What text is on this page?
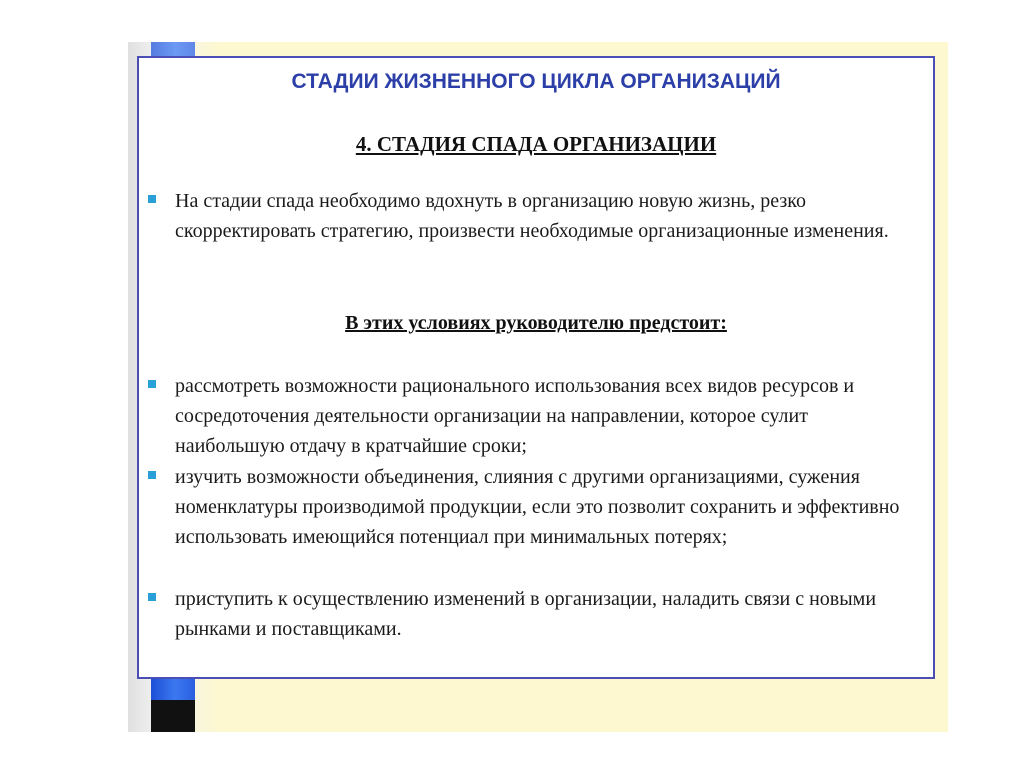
СТАДИИ ЖИЗНЕННОГО ЦИКЛА ОРГАНИЗАЦИЙ
4. СТАДИЯ СПАДА ОРГАНИЗАЦИИ
На стадии спада необходимо вдохнуть в организацию новую жизнь, резко скорректировать стратегию, произвести необходимые организационные изменения.
В этих условиях руководителю предстоит:
рассмотреть возможности рационального использования всех видов ресурсов и сосредоточения деятельности организации на направлении, которое сулит наибольшую отдачу в кратчайшие сроки;
изучить возможности объединения, слияния с другими организациями, сужения номенклатуры производимой продукции, если это позволит сохранить и эффективно использовать имеющийся потенциал при минимальных потерях;
приступить к осуществлению изменений в организации, наладить связи с новыми рынками и поставщиками.
